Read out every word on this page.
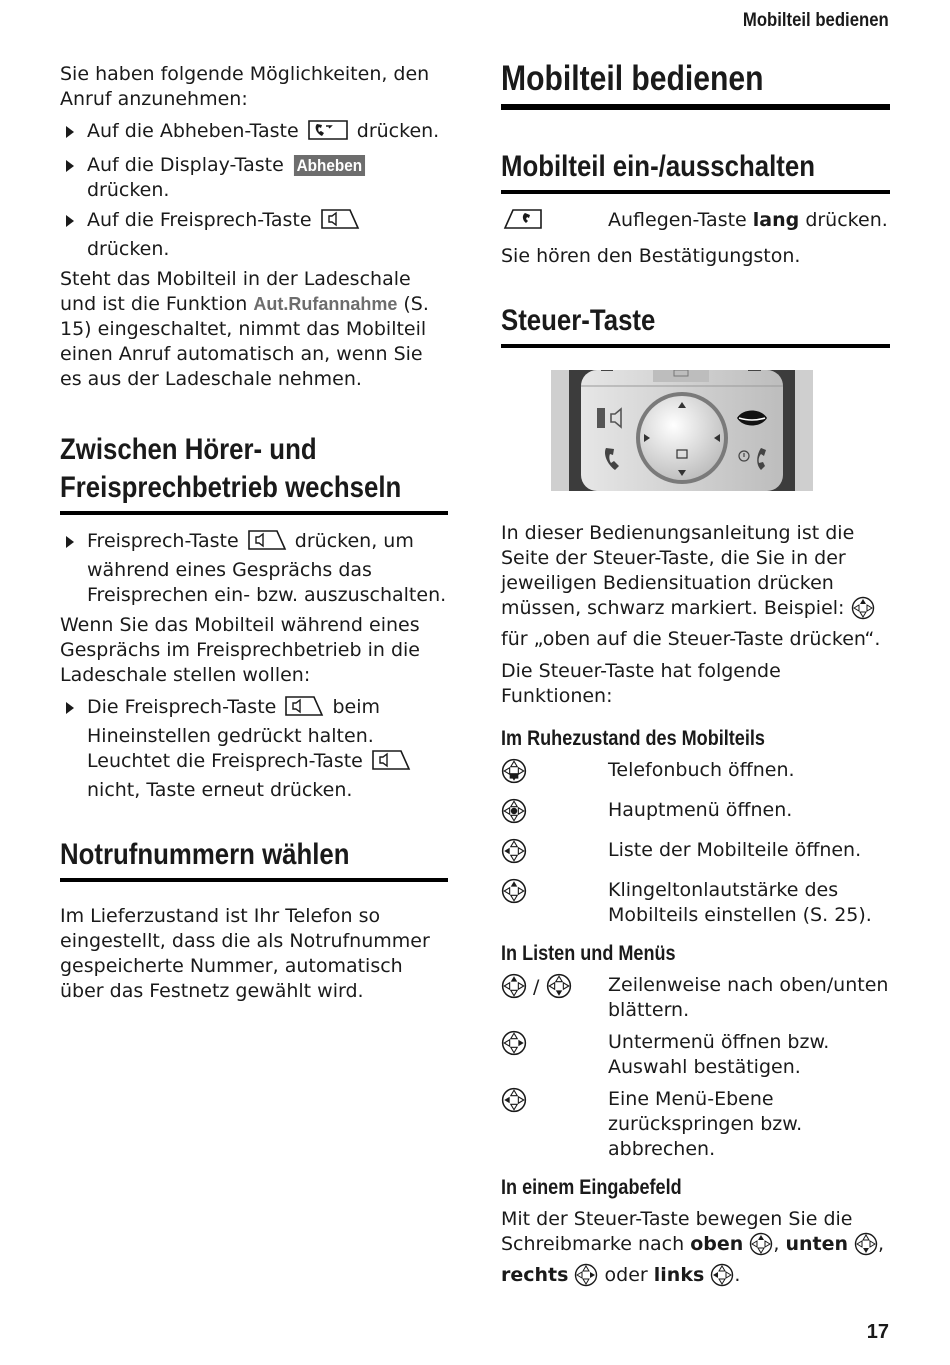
Mobilteil bedienen

Sie haben folgende Möglichkeiten, den Anruf anzunehmen:

Auf die Abheben-Taste	drücken.
Auf die Display-Taste Abheben drücken.
Auf die Freisprech-Taste  drücken.

Steht das Mobilteil in der Ladeschale und ist die Funktion Aut.Rufannahme (S. 15) eingeschaltet, nimmt das Mobilteil einen Anruf automatisch an, wenn Sie es aus der Ladeschale nehmen.

Zwischen Hörer- und
Freisprechbetrieb wechseln
Freisprech-Taste	drücken, um während eines Gesprächs das Freisprechen ein- bzw. auszuschalten.

Wenn Sie das Mobilteil während eines Gesprächs im Freisprechbetrieb in die Ladeschale stellen wollen:

Die Freisprech-Taste	beim Hineinstellen gedrückt halten. Leuchtet die Freisprech-Taste  nicht, Taste erneut drücken.
Notrufnummern wählen

Im Lieferzustand ist Ihr Telefon so eingestellt, dass die als Notrufnummer gespeicherte Nummer, automatisch über das Festnetz gewählt wird.

Mobilteil bedienen
Mobilteil ein-/ausschalten
Auflegen-Taste lang drücken.

Sie hören den Bestätigungston.

Steuer-Taste

In dieser Bedienungsanleitung ist die Seite der Steuer-Taste, die Sie in der jeweiligen Bediensituation drücken müssen, schwarz markiert. Beispiel:  für „oben auf die Steuer-Taste drücken“.

Die Steuer-Taste hat folgende Funktionen:

Im Ruhezustand des Mobilteils
Telefonbuch öffnen.
Hauptmenü öffnen.
Liste der Mobilteile öffnen.
Klingeltonlautstärke des Mobilteils einstellen (S. 25).
In Listen und Menüs
/	Zeilenweise nach oben/unten blättern.
Untermenü öffnen bzw. Auswahl bestätigen.
Eine Menü-Ebene zurückspringen bzw. abbrechen.
In einem Eingabefeld

Mit der Steuer-Taste bewegen Sie die Schreibmarke nach oben , unten , rechts oder links .

17
